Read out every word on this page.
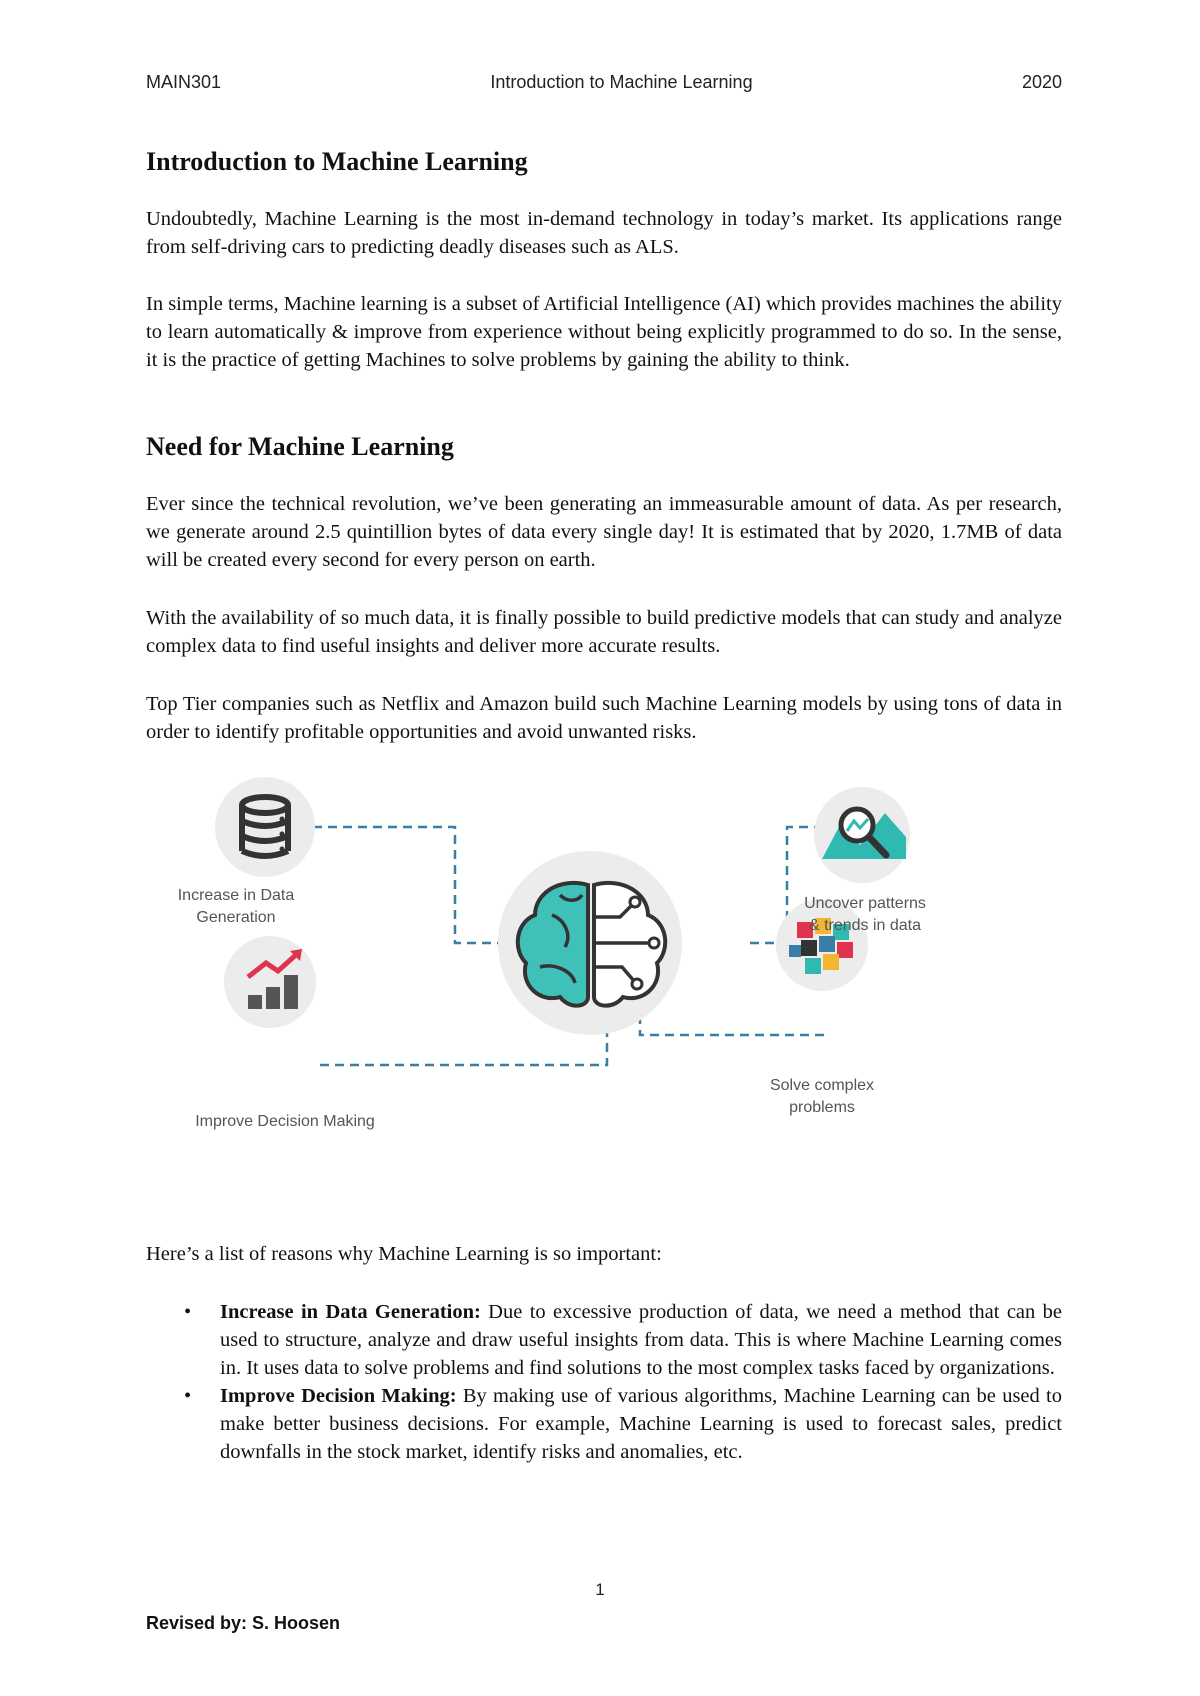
MAIN301	Introduction to Machine Learning	2020
Introduction to Machine Learning

Undoubtedly, Machine Learning is the most in-demand technology in today’s market. Its applications range from self-driving cars to predicting deadly diseases such as ALS.

In simple terms, Machine learning is a subset of Artificial Intelligence (AI) which provides machines the ability to learn automatically & improve from experience without being explicitly programmed to do so. In the sense, it is the practice of getting Machines to solve problems by gaining the ability to think.

Need for Machine Learning

Ever since the technical revolution, we’ve been generating an immeasurable amount of data. As per research, we generate around 2.5 quintillion bytes of data every single day! It is estimated that by 2020, 1.7MB of data will be created every second for every person on earth.

With the availability of so much data, it is finally possible to build predictive models that can study and analyze complex data to find useful insights and deliver more accurate results.

Top Tier companies such as Netflix and Amazon build such Machine Learning models by using tons of data in order to identify profitable opportunities and avoid unwanted risks.

Increase in Data
Generation
Uncover patterns
& trends in data
Improve Decision Making
Solve complex
problems

Here’s a list of reasons why Machine Learning is so important:

• Increase in Data Generation: Due to excessive production of data, we need a method that can be used to structure, analyze and draw useful insights from data. This is where Machine Learning comes in. It uses data to solve problems and find solutions to the most complex tasks faced by organizations.
• Improve Decision Making: By making use of various algorithms, Machine Learning can be used to make better business decisions. For example, Machine Learning is used to forecast sales, predict downfalls in the stock market, identify risks and anomalies, etc.
1
Revised by: S. Hoosen
